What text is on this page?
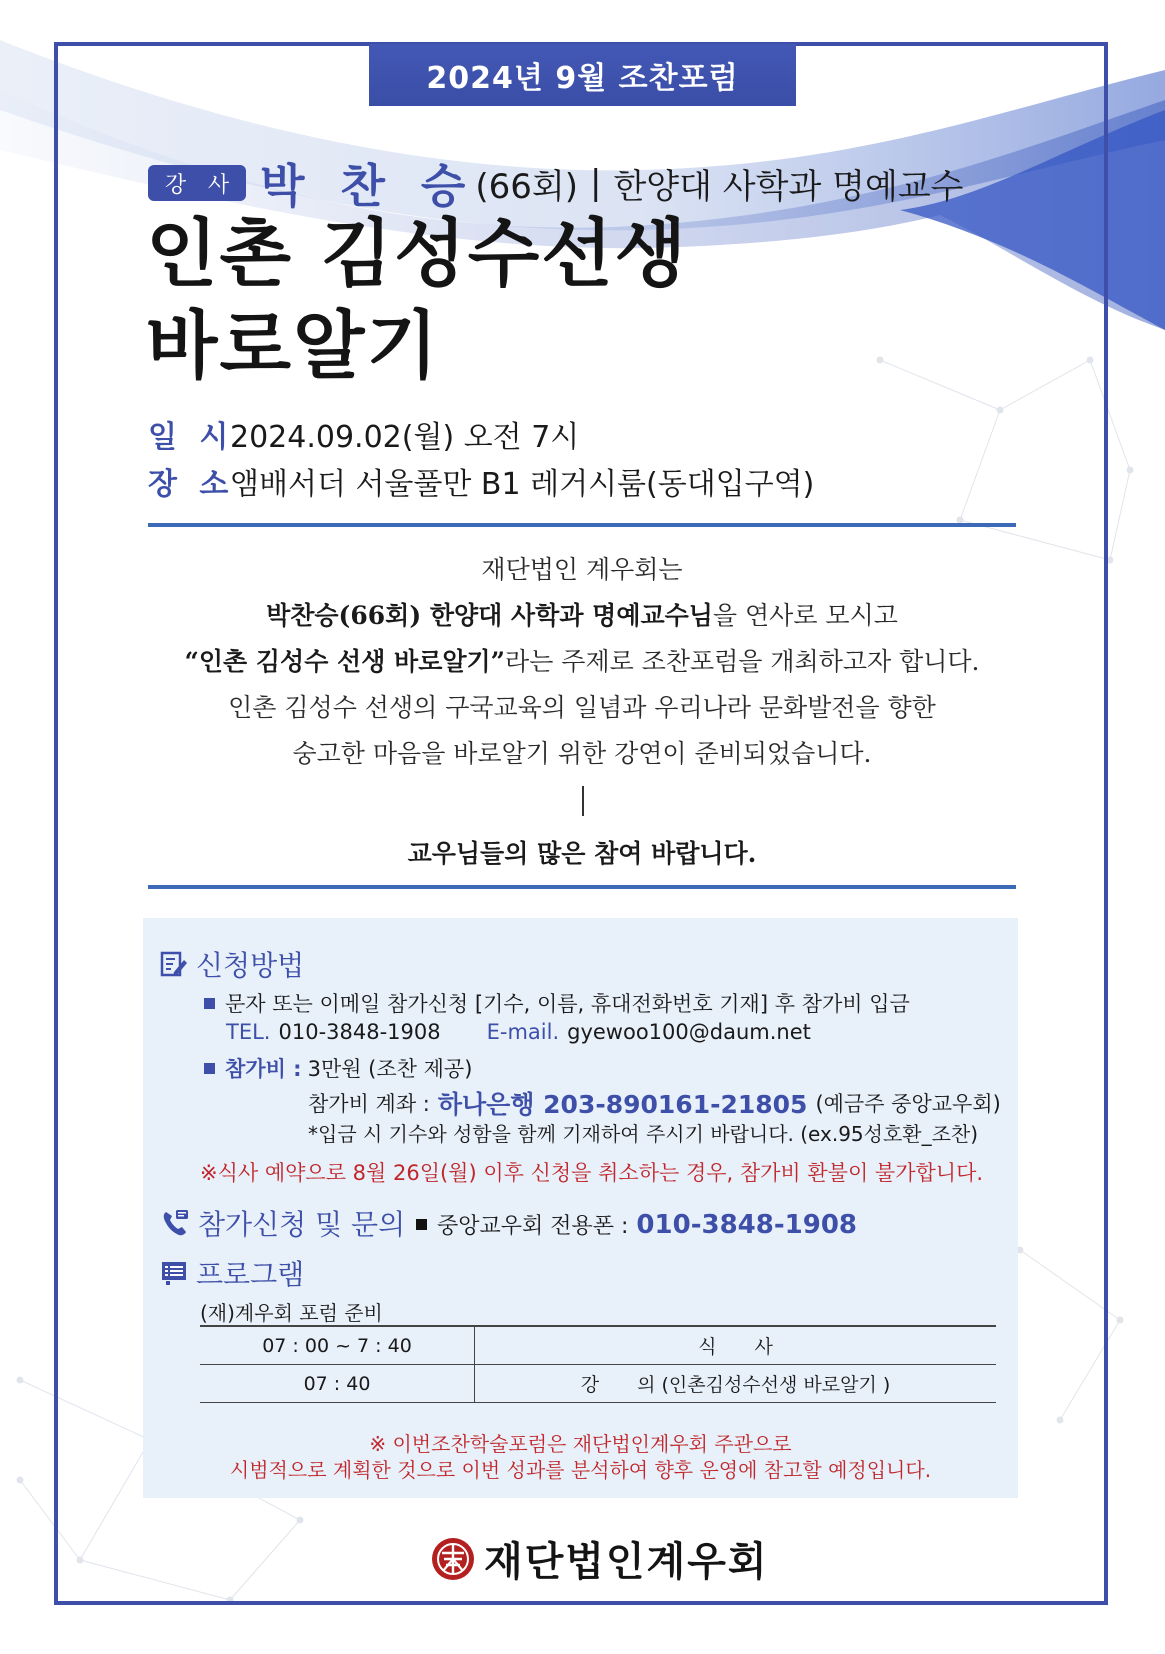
2024년 9월 조찬포럼
강 사 박 찬 승 (66회) | 한양대 사학과 명예교수
인촌 김성수선생
바로알기
일 시
2024.09.02(월) 오전 7시
장 소
앰배서더 서울풀만 B1 레거시룸(동대입구역)
재단법인 계우회는
박찬승(66회) 한양대 사학과 명예교수님을 연사로 모시고
“인촌 김성수 선생 바로알기”라는 주제로 조찬포럼을 개최하고자 합니다.
인촌 김성수 선생의 구국교육의 일념과 우리나라 문화발전을 향한
숭고한 마음을 바로알기 위한 강연이 준비되었습니다.
교우님들의 많은 참여 바랍니다.
신청방법
문자 또는 이메일 참가신청 [기수, 이름, 휴대전화번호 기재] 후 참가비 입금
TEL. 010-3848-1908 E-mail. gyewoo100@daum.net
참가비 : 3만원 (조찬 제공)
참가비 계좌 : 하나은행 203-890161-21805 (예금주 중앙교우회)
*입금 시 기수와 성함을 함께 기재하여 주시기 바랍니다. (ex.95성호환_조찬)
※식사 예약으로 8월 26일(월) 이후 신청을 취소하는 경우, 참가비 환불이 불가합니다.
참가신청 및 문의 중앙교우회 전용폰 : 010-3848-1908
프로그램
(재)계우회 포럼 준비
07 : 00 ~ 7 : 40	식　　사
07 : 40	강　　의 (인촌김성수선생 바로알기 )
※ 이번조찬학술포럼은 재단법인계우회 주관으로
시범적으로 계획한 것으로 이번 성과를 분석하여 향후 운영에 참고할 예정입니다.
재단법인계우회
